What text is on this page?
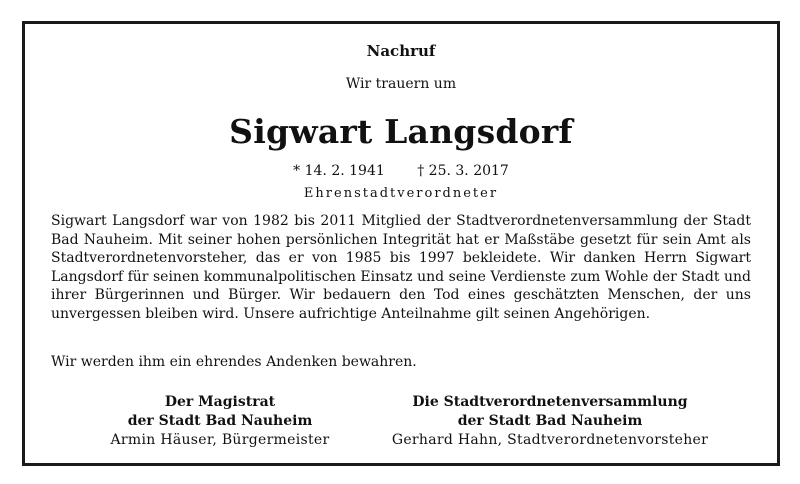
Nachruf
Wir trauern um
Sigwart Langsdorf
* 14. 2. 1941 † 25. 3. 2017
Ehrenstadtverordneter
Sigwart Langsdorf war von 1982 bis 2011 Mitglied der Stadtverordnetenversammlung der Stadt Bad Nauheim. Mit seiner hohen persönlichen Integrität hat er Maßstäbe gesetzt für sein Amt als Stadtverordnetenvorsteher, das er von 1985 bis 1997 bekleidete. Wir danken Herrn Sigwart Langsdorf für seinen kommunalpolitischen Einsatz und seine Verdienste zum Wohle der Stadt und ihrer Bürgerinnen und Bürger. Wir bedauern den Tod eines geschätzten Menschen, der uns unvergessen bleiben wird. Unsere aufrichtige Anteilnahme gilt seinen Angehörigen.
Wir werden ihm ein ehrendes Andenken bewahren.
Der Magistrat
der Stadt Bad Nauheim
Armin Häuser, Bürgermeister
Die Stadtverordnetenversammlung
der Stadt Bad Nauheim
Gerhard Hahn, Stadtverordnetenvorsteher
